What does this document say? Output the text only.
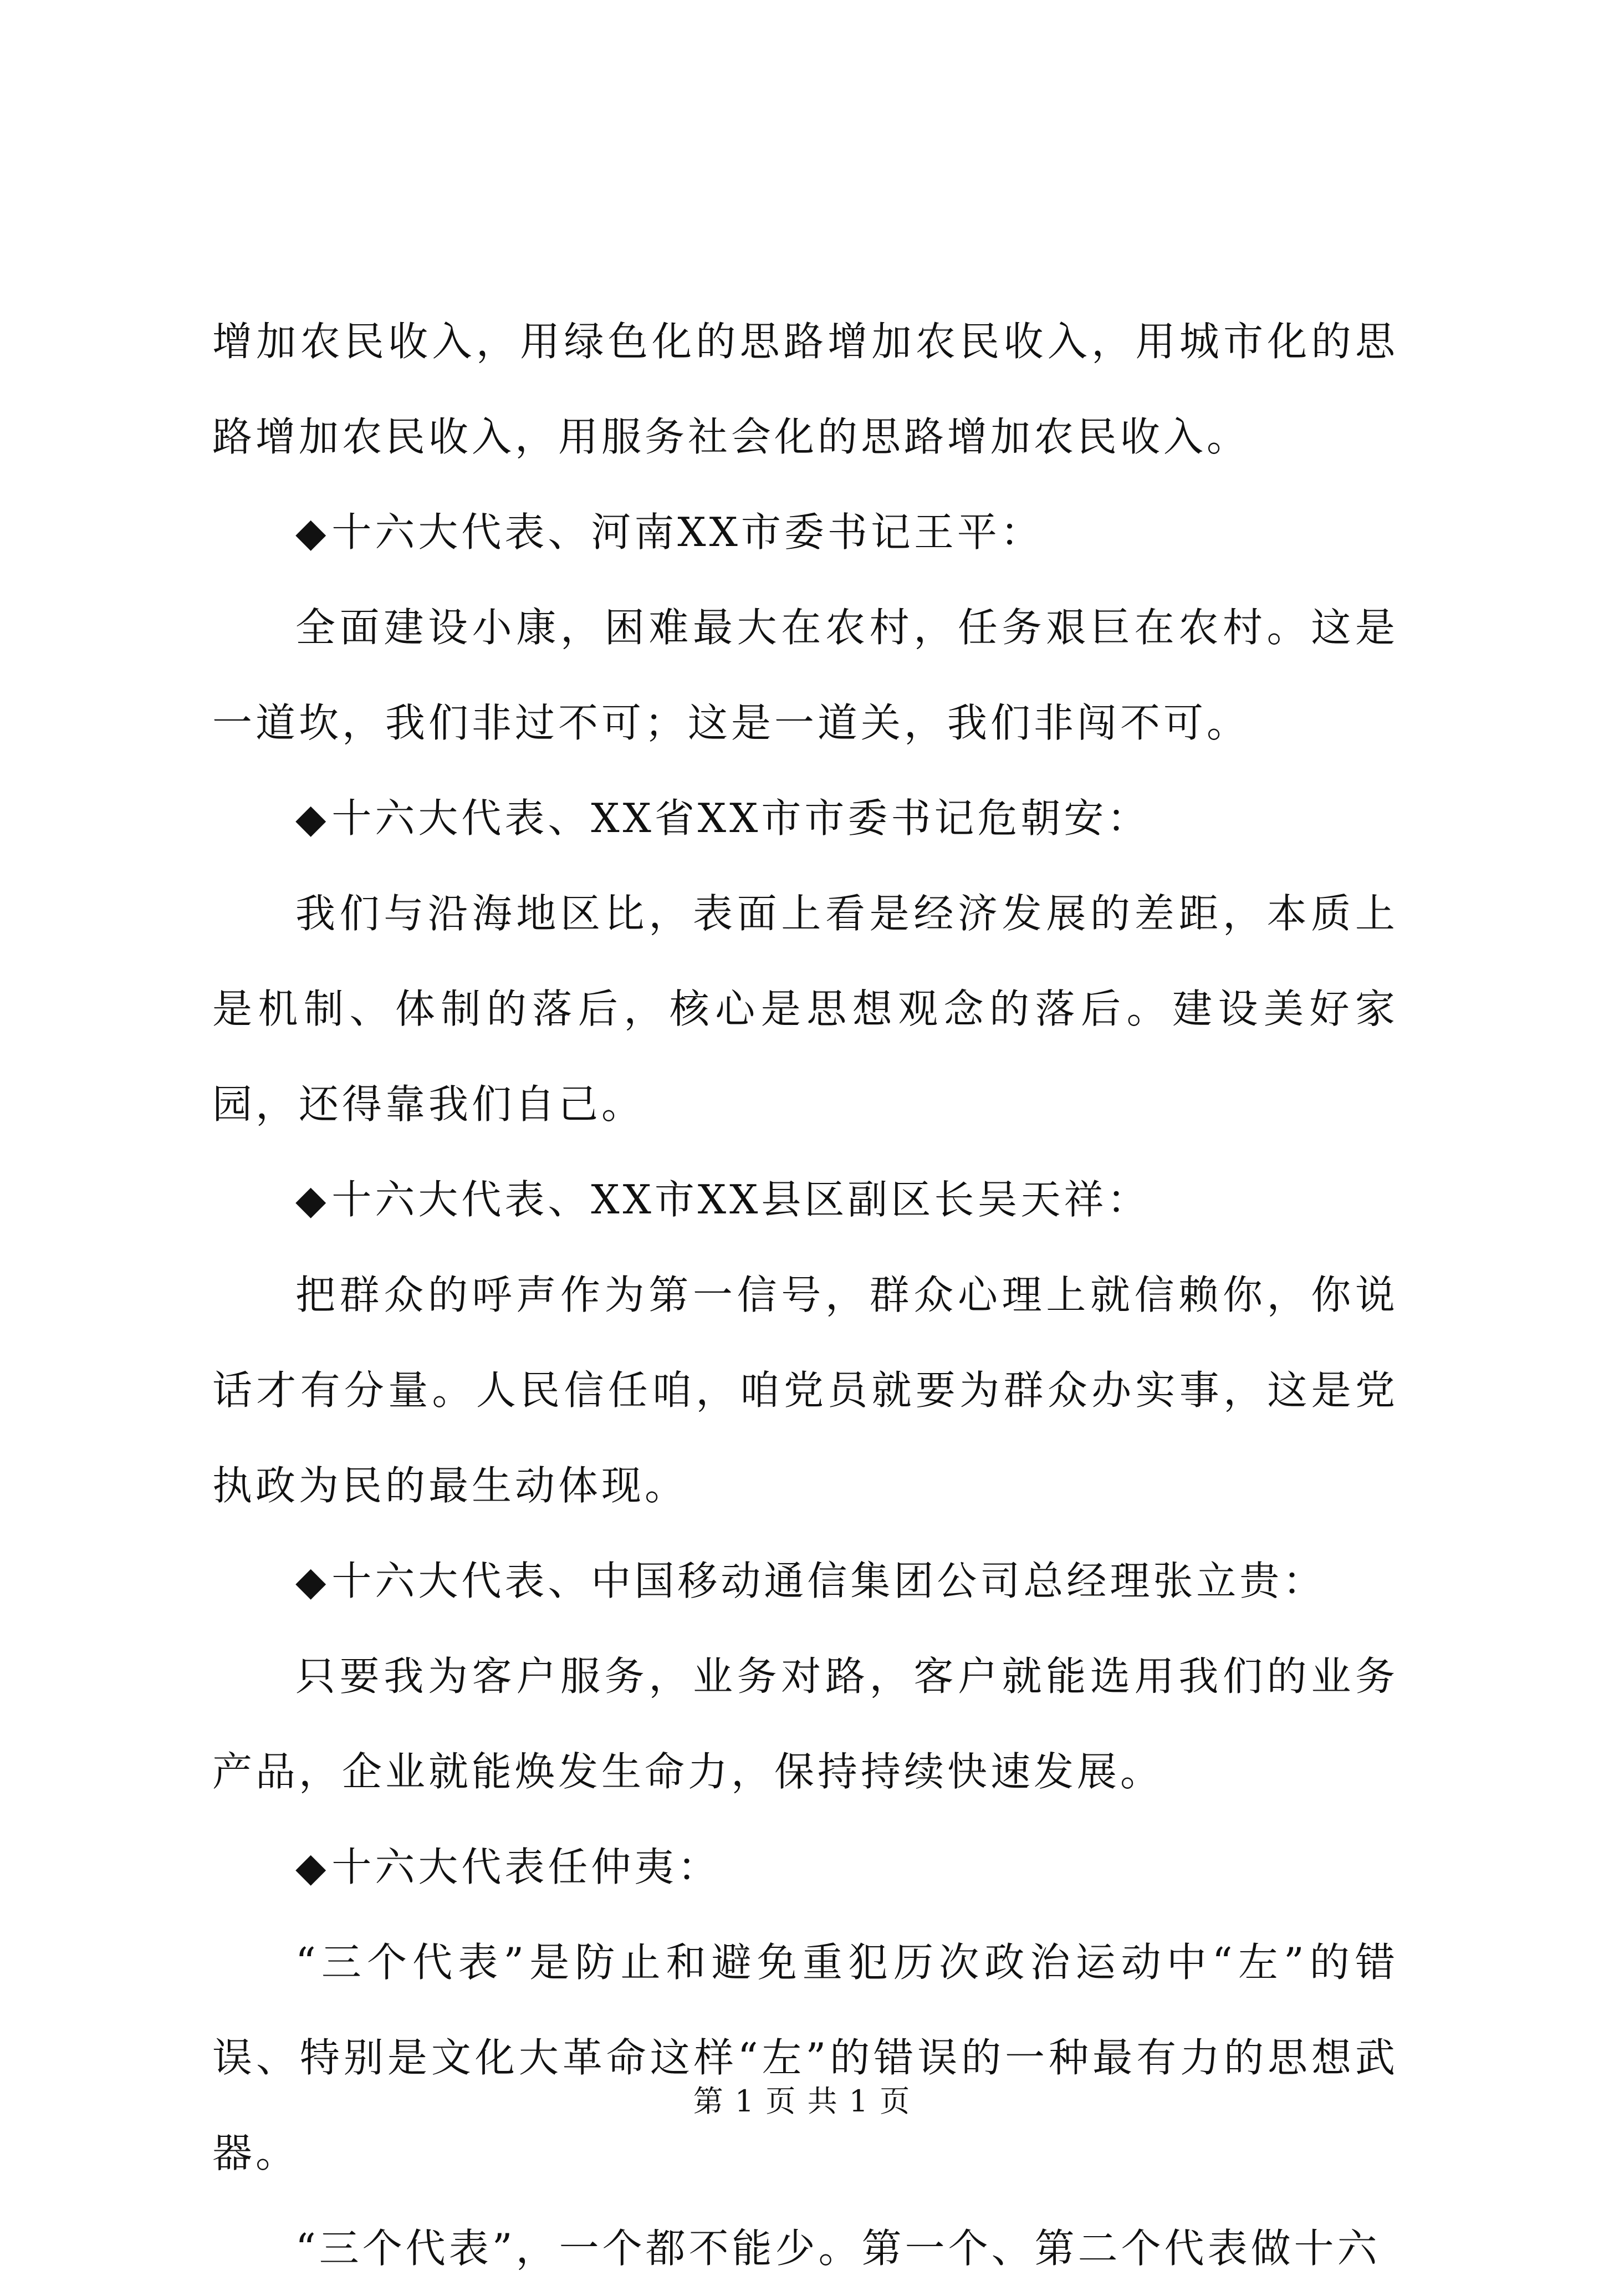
增加农民收入，用绿色化的思路增加农民收入，用城市化的思路增加农民收入，用服务社会化的思路增加农民收入。

◆十六大代表、河南XX市委书记王平：

全面建设小康，困难最大在农村，任务艰巨在农村。这是一道坎，我们非过不可；这是一道关，我们非闯不可。

◆十六大代表、XX省XX市市委书记危朝安：

我们与沿海地区比，表面上看是经济发展的差距，本质上是机制、体制的落后，核心是思想观念的落后。建设美好家园，还得靠我们自己。

◆十六大代表、XX市XX县区副区长吴天祥：

把群众的呼声作为第一信号，群众心理上就信赖你，你说话才有分量。人民信任咱，咱党员就要为群众办实事，这是党执政为民的最生动体现。

◆十六大代表、中国移动通信集团公司总经理张立贵：

只要我为客户服务，业务对路，客户就能选用我们的业务产品，企业就能焕发生命力，保持持续快速发展。

◆十六大代表任仲夷：

“三个代表”是防止和避免重犯历次政治运动中“左”的错误、特别是文化大革命这样“左”的错误的一种最有力的思想武器。

“三个代表”，一个都不能少。第一个、第二个代表做十六

第 1 页 共 1 页
